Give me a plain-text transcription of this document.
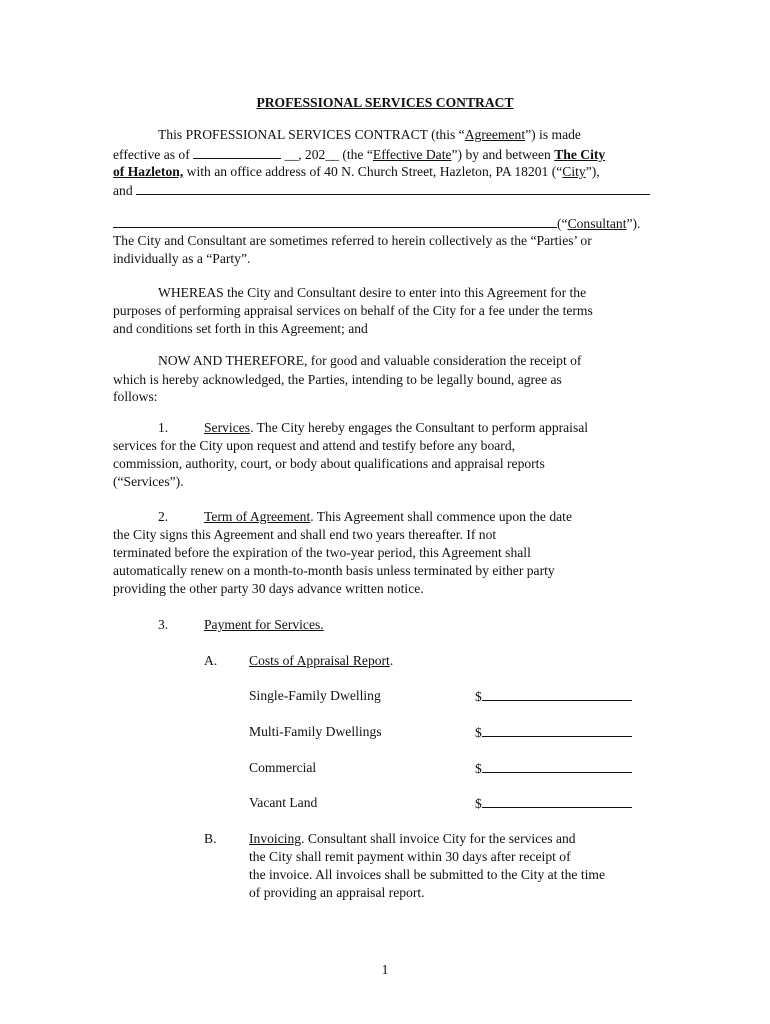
PROFESSIONAL SERVICES CONTRACT
This PROFESSIONAL SERVICES CONTRACT (this “Agreement”) is made
effective as of	__, 202__ (the “Effective Date”) by and between The City
of Hazleton, with an office address of 40 N. Church Street, Hazleton, PA 18201 (“City”),
and
(“Consultant”).
The City and Consultant are sometimes referred to herein collectively as the “Parties’ or
individually as a “Party”.
WHEREAS the City and Consultant desire to enter into this Agreement for the
purposes of performing appraisal services on behalf of the City for a fee under the terms
and conditions set forth in this Agreement; and
NOW AND THEREFORE, for good and valuable consideration the receipt of
which is hereby acknowledged, the Parties, intending to be legally bound, agree as
follows:
1.	Services. The City hereby engages the Consultant to perform appraisal
services for the City upon request and attend and testify before any board,
commission, authority, court, or body about qualifications and appraisal reports
(“Services”).
2.	Term of Agreement. This Agreement shall commence upon the date
the City signs this Agreement and shall end two years thereafter. If not
terminated before the expiration of the two-year period, this Agreement shall
automatically renew on a month-to-month basis unless terminated by either party
providing the other party 30 days advance written notice.
3.	Payment for Services.
A. Costs of Appraisal Report.
Single-Family Dwelling	$
Multi-Family Dwellings	$
Commercial	$
Vacant Land	$
B. Invoicing. Consultant shall invoice City for the services and
the City shall remit payment within 30 days after receipt of
the invoice. All invoices shall be submitted to the City at the time
of providing an appraisal report.
1
